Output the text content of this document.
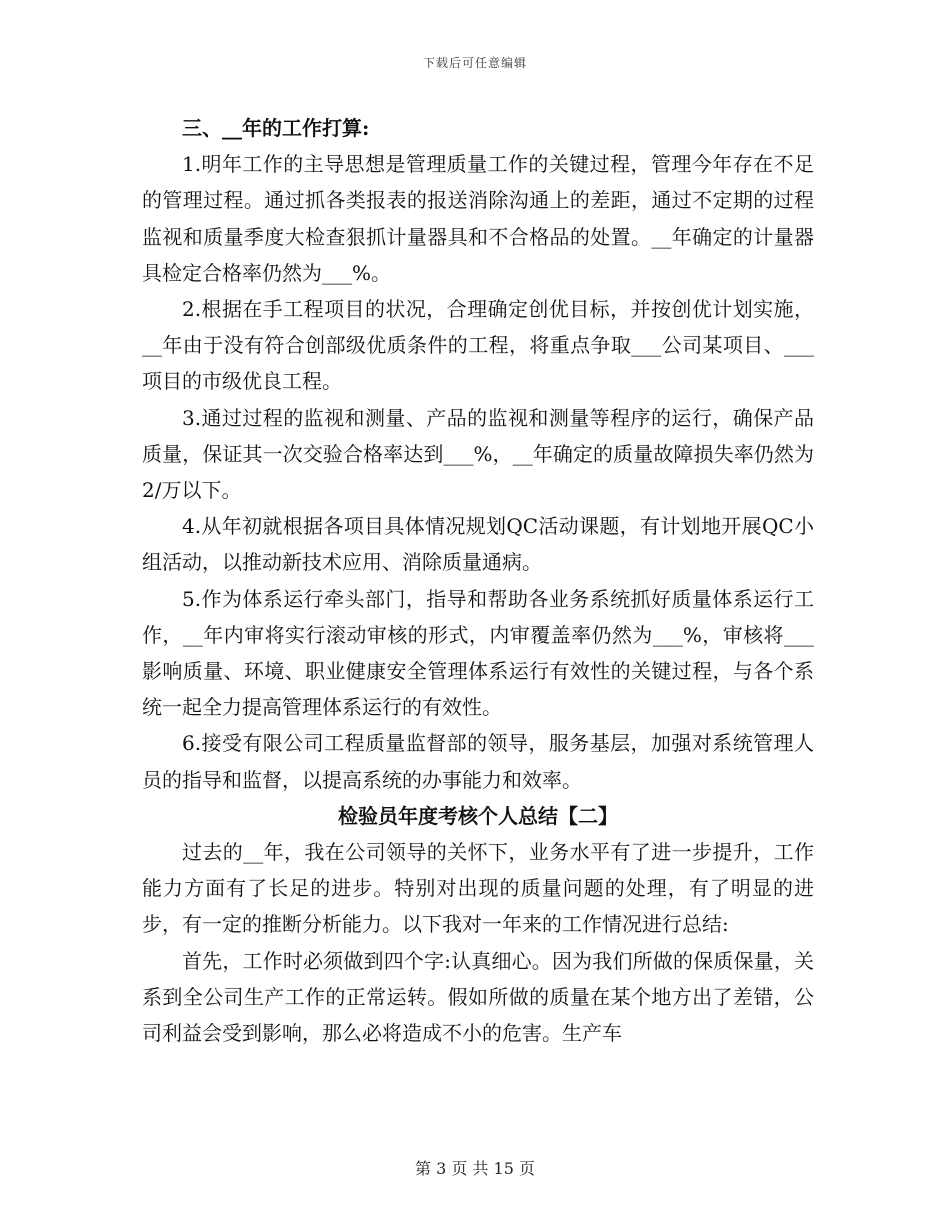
下载后可任意编辑

三、__年的工作打算:

1.明年工作的主导思想是管理质量工作的关键过程，管理今年存在不足的管理过程。通过抓各类报表的报送消除沟通上的差距，通过不定期的过程监视和质量季度大检查狠抓计量器具和不合格品的处置。__年确定的计量器具检定合格率仍然为___%。

2.根据在手工程项目的状况，合理确定创优目标，并按创优计划实施，__年由于没有符合创部级优质条件的工程，将重点争取___公司某项目、___项目的市级优良工程。

3.通过过程的监视和测量、产品的监视和测量等程序的运行，确保产品质量，保证其一次交验合格率达到___%，__年确定的质量故障损失率仍然为2/万以下。

4.从年初就根据各项目具体情况规划QC活动课题，有计划地开展QC小组活动，以推动新技术应用、消除质量通病。

5.作为体系运行牵头部门，指导和帮助各业务系统抓好质量体系运行工作，__年内审将实行滚动审核的形式，内审覆盖率仍然为___%，审核将___影响质量、环境、职业健康安全管理体系运行有效性的关键过程，与各个系统一起全力提高管理体系运行的有效性。

6.接受有限公司工程质量监督部的领导，服务基层，加强对系统管理人员的指导和监督，以提高系统的办事能力和效率。

检验员年度考核个人总结【二】

过去的__年，我在公司领导的关怀下，业务水平有了进一步提升，工作能力方面有了长足的进步。特别对出现的质量问题的处理，有了明显的进步，有一定的推断分析能力。以下我对一年来的工作情况进行总结:

首先，工作时必须做到四个字:认真细心。因为我们所做的保质保量，关系到全公司生产工作的正常运转。假如所做的质量在某个地方出了差错，公司利益会受到影响，那么必将造成不小的危害。生产车

第 3 页 共 15 页
